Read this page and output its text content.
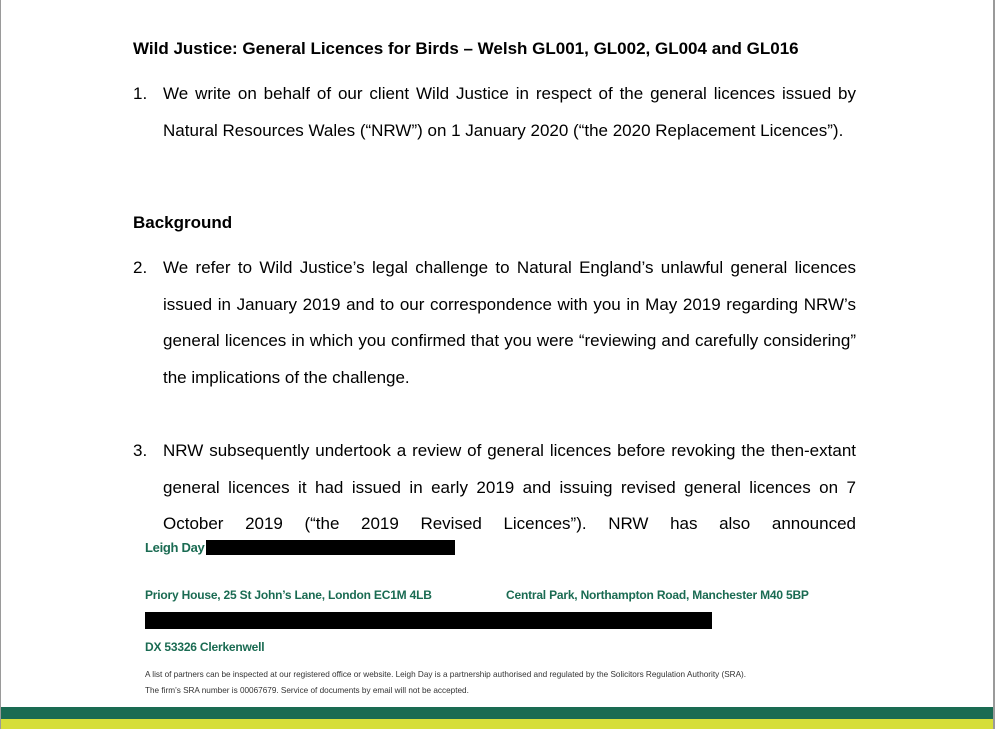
Wild Justice: General Licences for Birds – Welsh GL001, GL002, GL004 and GL016
1. We write on behalf of our client Wild Justice in respect of the general licences issued by Natural Resources Wales (“NRW”) on 1 January 2020 (“the 2020 Replacement Licences”).
Background
2. We refer to Wild Justice’s legal challenge to Natural England’s unlawful general licences issued in January 2019 and to our correspondence with you in May 2019 regarding NRW’s general licences in which you confirmed that you were “reviewing and carefully considering” the implications of the challenge.
3. NRW subsequently undertook a review of general licences before revoking the then-extant general licences it had issued in early 2019 and issuing revised general licences on 7 October 2019 (“the 2019 Revised Licences”). NRW has also announced
Leigh Day
Priory House, 25 St John’s Lane, London EC1M 4LB	Central Park, Northampton Road, Manchester M40 5BP
DX 53326 Clerkenwell
A list of partners can be inspected at our registered office or website. Leigh Day is a partnership authorised and regulated by the Solicitors Regulation Authority (SRA).
The firm’s SRA number is 00067679. Service of documents by email will not be accepted.
